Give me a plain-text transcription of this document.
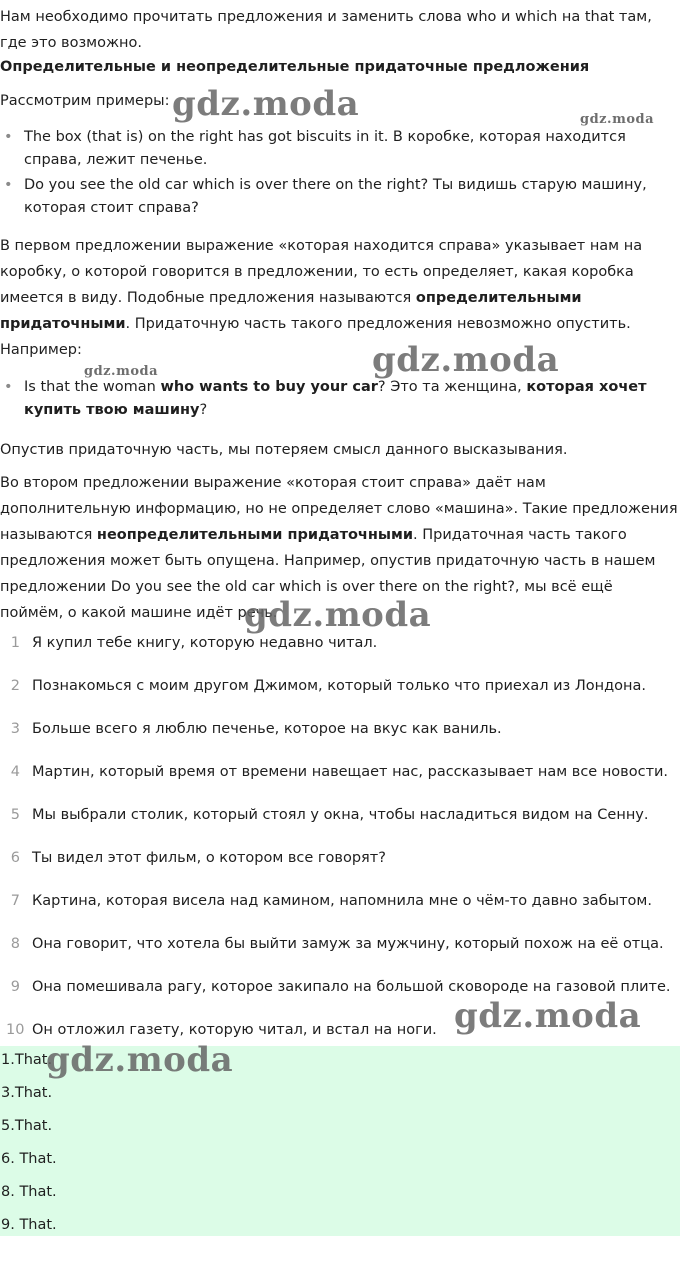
Нам необходимо прочитать предложения и заменить слова who и which на that там, где это возможно.

Определительные и неопределительные придаточные предложения

Рассмотрим примеры:

• The box (that is) on the right has got biscuits in it. В коробке, которая находится справа, лежит печенье.
• Do you see the old car which is over there on the right? Ты видишь старую машину, которая стоит справа?

В первом предложении выражение «которая находится справа» указывает нам на коробку, о которой говорится в предложении, то есть определяет, какая коробка имеется в виду. Подобные предложения называются определительными придаточными. Придаточную часть такого предложения невозможно опустить. Например:

• Is that the woman who wants to buy your car? Это та женщина, которая хочет купить твою машину?

Опустив придаточную часть, мы потеряем смысл данного высказывания.

Во втором предложении выражение «которая стоит справа» даёт нам дополнительную информацию, но не определяет слово «машина». Такие предложения называются неопределительными придаточными. Придаточная часть такого предложения может быть опущена. Например, опустив придаточную часть в нашем предложении Do you see the old car which is over there on the right?, мы всё ещё поймём, о какой машине идёт речь.

1 Я купил тебе книгу, которую недавно читал.
2 Познакомься с моим другом Джимом, который только что приехал из Лондона.
3 Больше всего я люблю печенье, которое на вкус как ваниль.
4 Мартин, который время от времени навещает нас, рассказывает нам все новости.
5 Мы выбрали столик, который стоял у окна, чтобы насладиться видом на Сенну.
6 Ты видел этот фильм, о котором все говорят?
7 Картина, которая висела над камином, напомнила мне о чём-то давно забытом.
8 Она говорит, что хотела бы выйти замуж за мужчину, который похож на её отца.
9 Она помешивала рагу, которое закипало на большой сковороде на газовой плите.
10 Он отложил газету, которую читал, и встал на ноги.
1.That.
3.That.
5.That.
6. That.
8. That.
9. That.
gdz.moda	gdz.moda
gdz.moda	gdz.moda
gdz.moda
gdz.moda
gdz.moda
